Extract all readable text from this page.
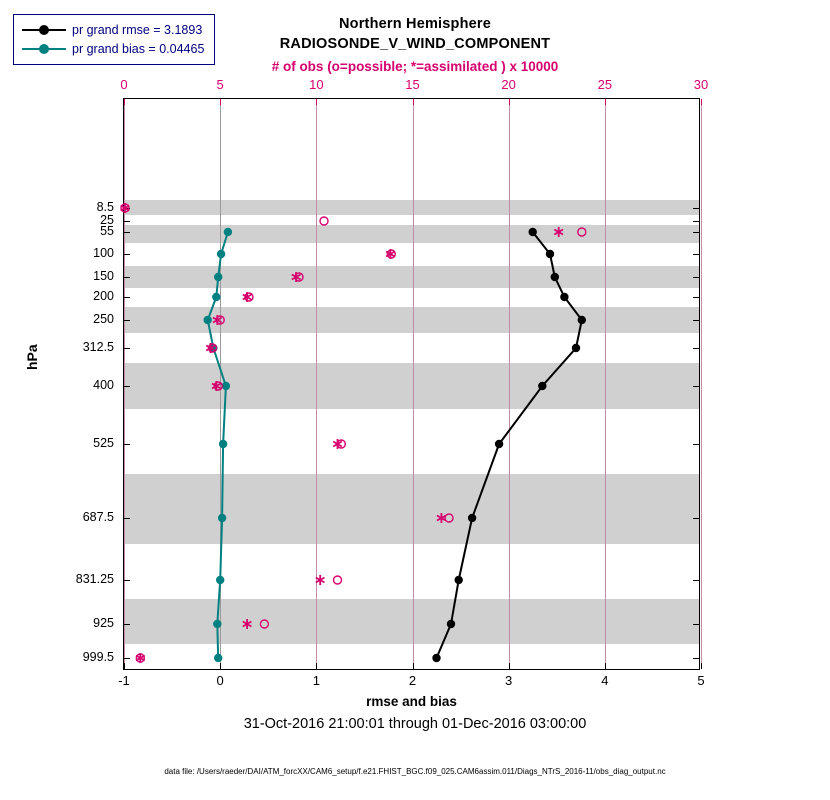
Northern Hemisphere
RADIOSONDE_V_WIND_COMPONENT
# of obs (o=possible; *=assimilated ) x 10000
hPa
rmse and bias
31-Oct-2016 21:00:01 through 01-Dec-2016 03:00:00
data file: /Users/raeder/DAI/ATM_forcXX/CAM6_setup/f.e21.FHIST_BGC.f09_025.CAM6assim.011/Diags_NTrS_2016-11/obs_diag_output.nc
8.5
25
55
100
150
200
250
312.5
400
525
687.5
831.25
925
999.5
-1	0	1	2	3	4	5
0	5	10	15	20	25	30
pr grand rmse = 3.1893
pr grand bias = 0.04465
